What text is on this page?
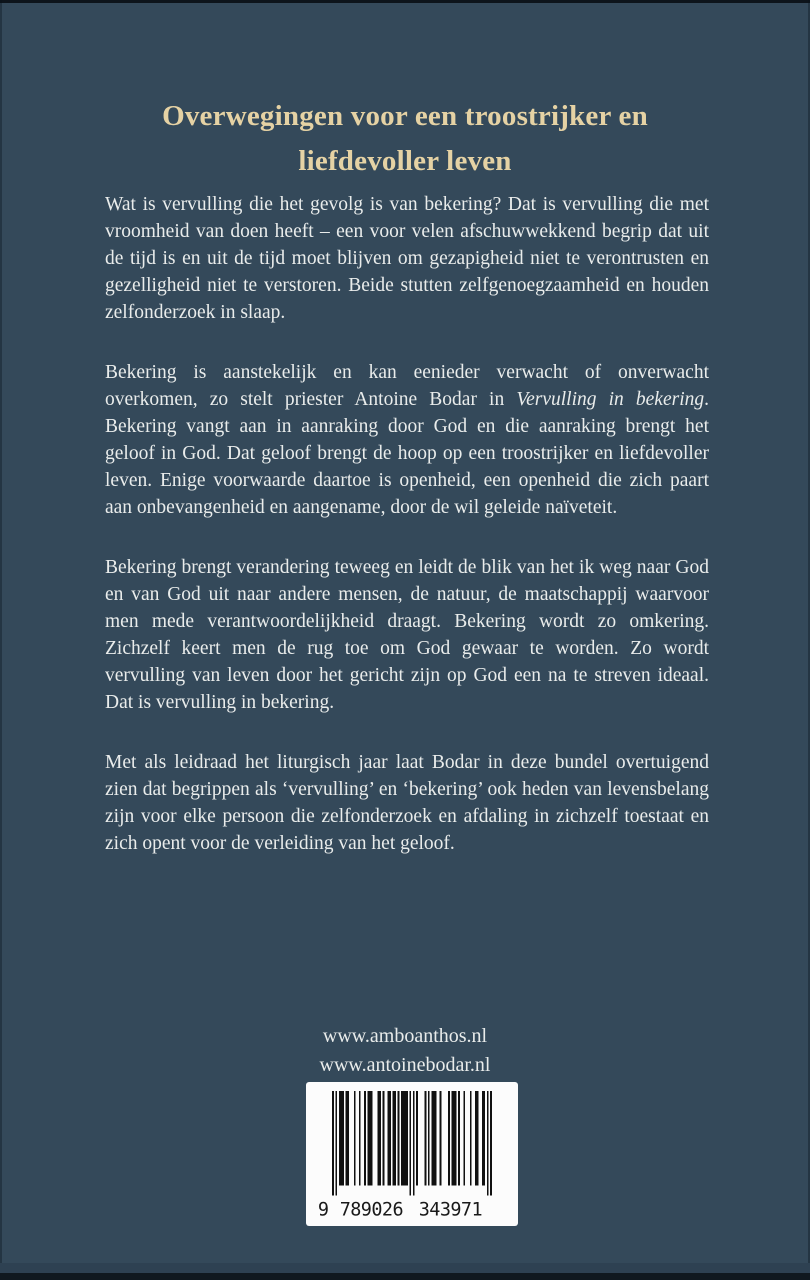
Overwegingen voor een troostrijker en
liefdevoller leven

Wat is vervulling die het gevolg is van bekering? Dat is vervulling die met vroomheid van doen heeft – een voor velen afschuwwekkend begrip dat uit de tijd is en uit de tijd moet blijven om gezapigheid niet te verontrusten en gezelligheid niet te verstoren. Beide stutten zelfgenoegzaamheid en houden zelfonderzoek in slaap.

Bekering is aanstekelijk en kan eenieder verwacht of onverwacht overkomen, zo stelt priester Antoine Bodar in Vervulling in bekering. Bekering vangt aan in aanraking door God en die aanraking brengt het geloof in God. Dat geloof brengt de hoop op een troostrijker en liefdevoller leven. Enige voorwaarde daartoe is openheid, een openheid die zich paart aan onbevangenheid en aangename, door de wil geleide naïveteit.

Bekering brengt verandering teweeg en leidt de blik van het ik weg naar God en van God uit naar andere mensen, de natuur, de maatschappij waarvoor men mede verantwoordelijkheid draagt. Bekering wordt zo omkering. Zichzelf keert men de rug toe om God gewaar te worden. Zo wordt vervulling van leven door het gericht zijn op God een na te streven ideaal. Dat is vervulling in bekering.

Met als leidraad het liturgisch jaar laat Bodar in deze bundel overtuigend zien dat begrippen als ‘vervulling’ en ‘bekering’ ook heden van levensbelang zijn voor elke persoon die zelfonderzoek en afdaling in zichzelf toestaat en zich opent voor de verleiding van het geloof.

www.amboanthos.nl
www.antoinebodar.nl
9 789026 343971
